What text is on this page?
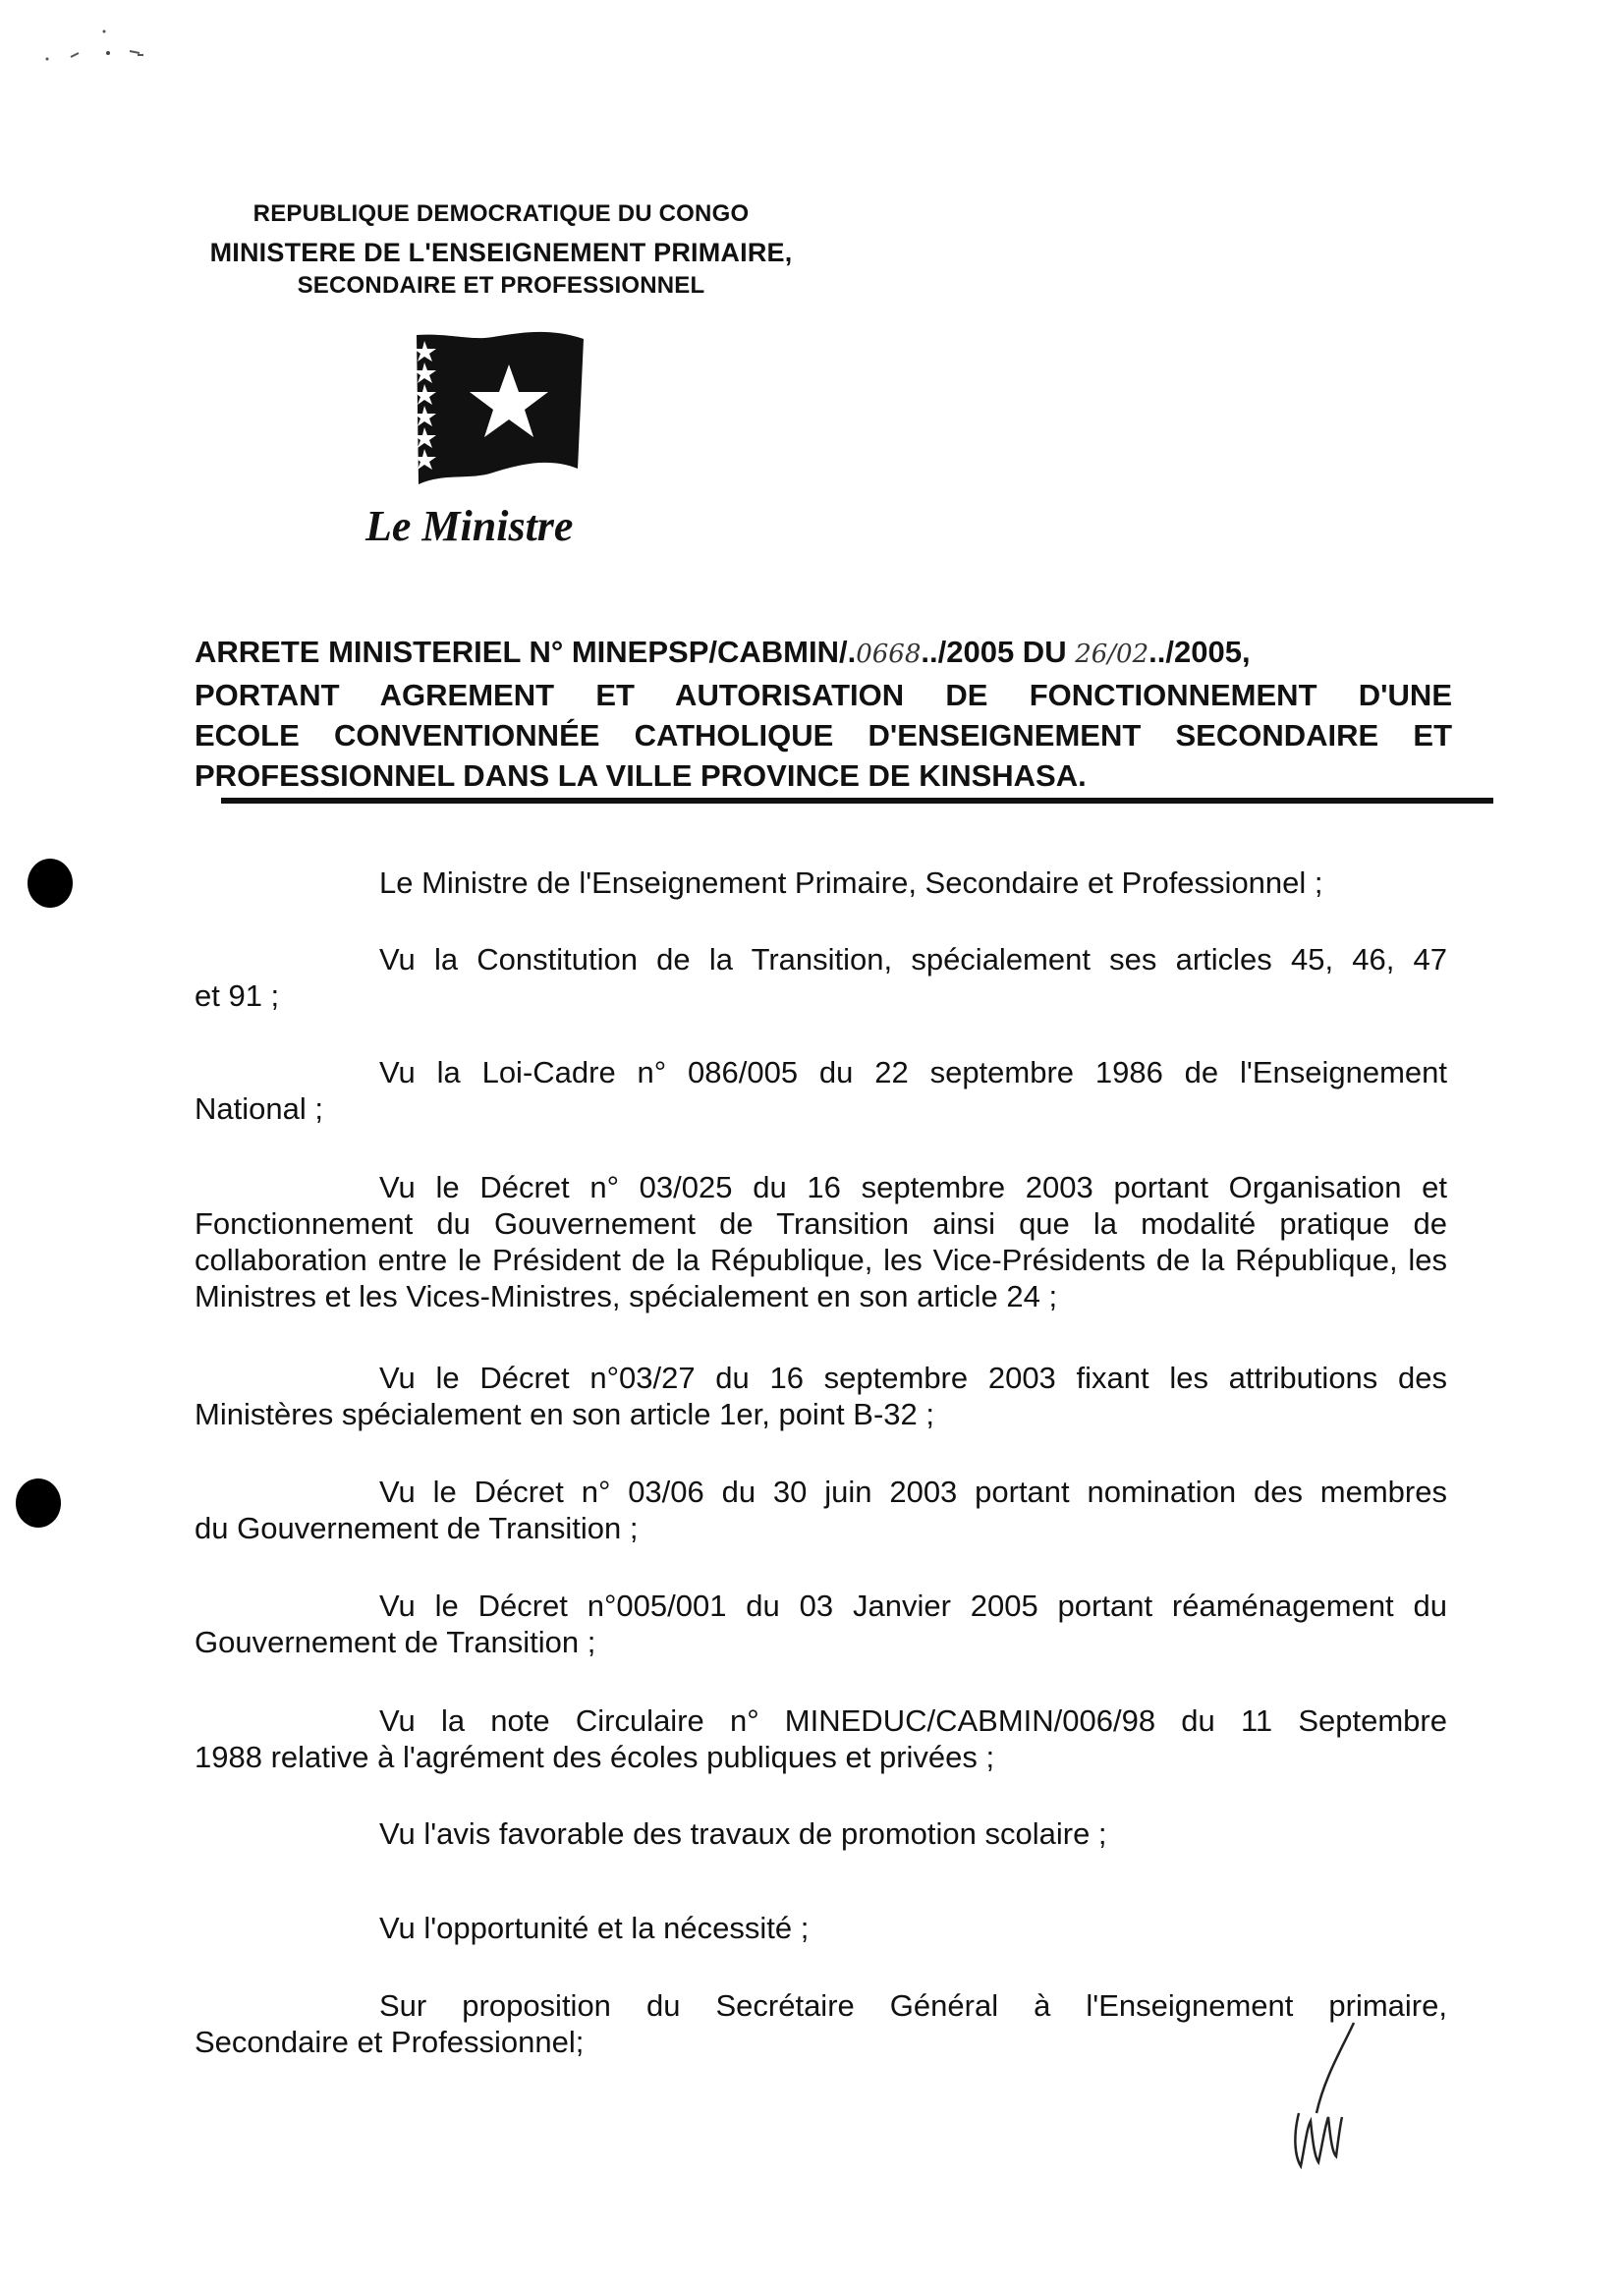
REPUBLIQUE DEMOCRATIQUE DU CONGO
MINISTERE DE L'ENSEIGNEMENT PRIMAIRE,
SECONDAIRE ET PROFESSIONNEL
Le Ministre
ARRETE MINISTERIEL N° MINEPSP/CABMIN/.0668../2005 DU 26/02../2005,
PORTANT AGREMENT ET AUTORISATION DE FONCTIONNEMENT D'UNE
ECOLE CONVENTIONNÉE CATHOLIQUE D'ENSEIGNEMENT SECONDAIRE ET
PROFESSIONNEL DANS LA VILLE PROVINCE DE KINSHASA.
Le Ministre de l'Enseignement Primaire, Secondaire et Professionnel ;
Vu la Constitution de la Transition, spécialement ses articles 45, 46, 47
et 91 ;
Vu la Loi-Cadre n° 086/005 du 22 septembre 1986 de l'Enseignement
National ;
Vu le Décret n° 03/025 du 16 septembre 2003 portant Organisation et
Fonctionnement du Gouvernement de Transition ainsi que la modalité pratique de collaboration entre le Président de la République, les Vice-Présidents de la République, les Ministres et les Vices-Ministres, spécialement en son article 24 ;
Vu le Décret n°03/27 du 16 septembre 2003 fixant les attributions des
Ministères spécialement en son article 1er, point B-32 ;
Vu le Décret n° 03/06 du 30 juin 2003 portant nomination des membres
du Gouvernement de Transition ;
Vu le Décret n°005/001 du 03 Janvier 2005 portant réaménagement du
Gouvernement de Transition ;
Vu la note Circulaire n° MINEDUC/CABMIN/006/98 du 11 Septembre
1988 relative à l'agrément des écoles publiques et privées ;
Vu l'avis favorable des travaux de promotion scolaire ;
Vu l'opportunité et la nécessité ;
Sur proposition du Secrétaire Général à l'Enseignement primaire,
Secondaire et Professionnel;
